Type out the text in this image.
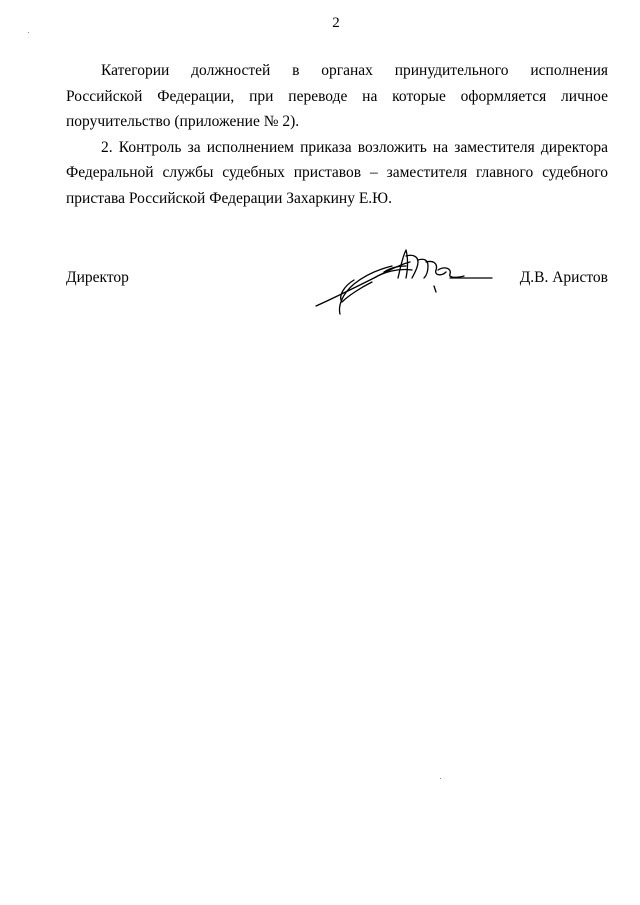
2

Категории должностей в органах принудительного исполнения
Российской Федерации, при переводе на которые оформляется личное
поручительство (приложение № 2).

2. Контроль за исполнением приказа возложить на заместителя директора
Федеральной службы судебных приставов – заместителя главного судебного
пристава Российской Федерации Захаркину Е.Ю.

Директор	Д.В. Аристов
